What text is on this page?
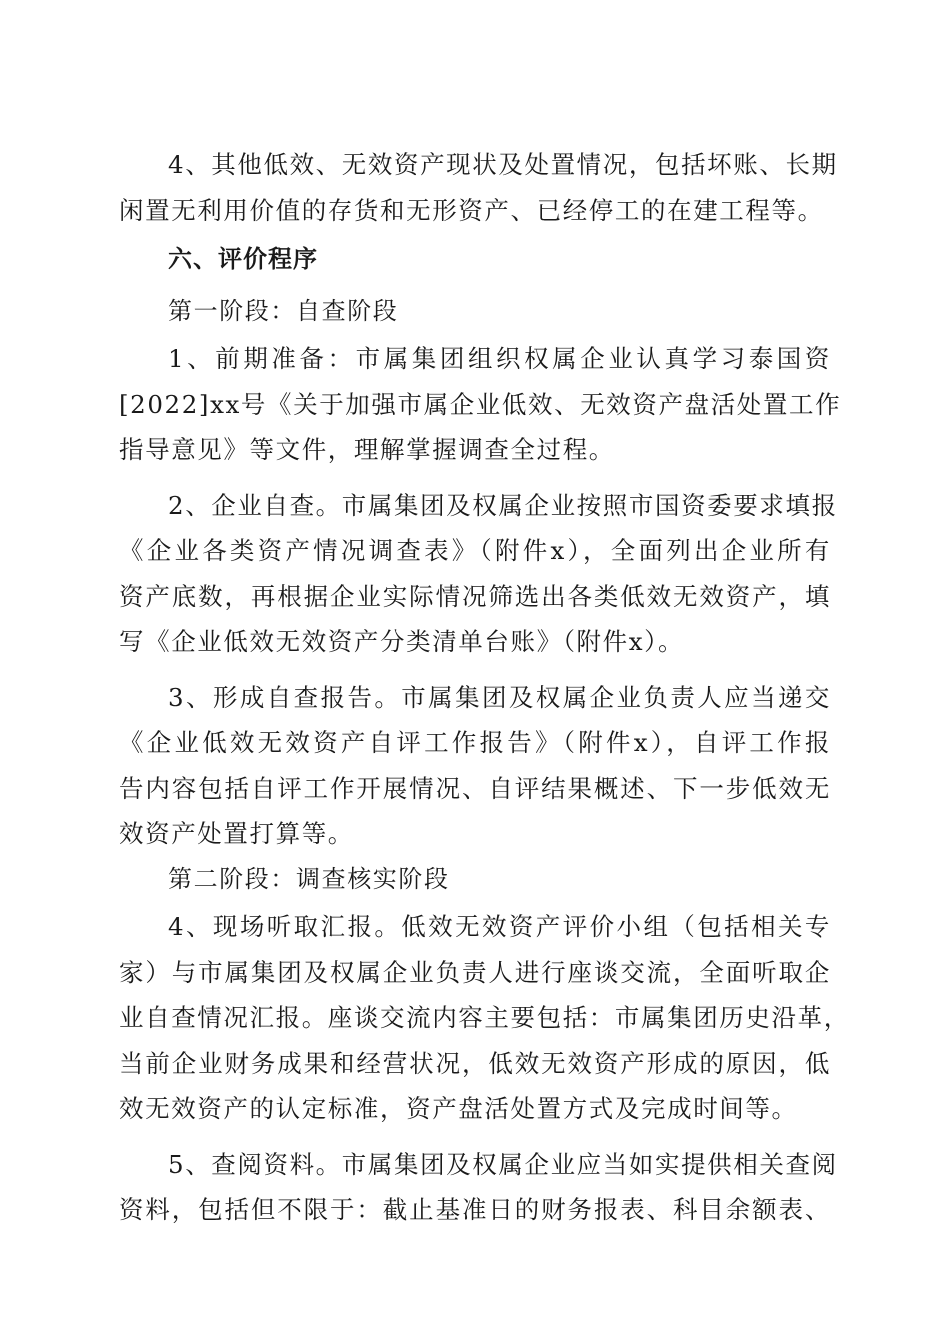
4、其他低效、无效资产现状及处置情况，包括坏账、长期
闲置无利用价值的存货和无形资产、已经停工的在建工程等。

六、评价程序

第一阶段：自查阶段

1、前期准备：市属集团组织权属企业认真学习泰国资
[2022]xx号《关于加强市属企业低效、无效资产盘活处置工作
指导意见》等文件，理解掌握调查全过程。

2、企业自查。市属集团及权属企业按照市国资委要求填报
《企业各类资产情况调查表》（附件x），全面列出企业所有
资产底数，再根据企业实际情况筛选出各类低效无效资产，填
写《企业低效无效资产分类清单台账》（附件x）。

3、形成自查报告。市属集团及权属企业负责人应当递交
《企业低效无效资产自评工作报告》（附件x），自评工作报
告内容包括自评工作开展情况、自评结果概述、下一步低效无
效资产处置打算等。

第二阶段：调查核实阶段

4、现场听取汇报。低效无效资产评价小组（包括相关专
家）与市属集团及权属企业负责人进行座谈交流，全面听取企
业自查情况汇报。座谈交流内容主要包括：市属集团历史沿革，
当前企业财务成果和经营状况，低效无效资产形成的原因，低
效无效资产的认定标准，资产盘活处置方式及完成时间等。

5、查阅资料。市属集团及权属企业应当如实提供相关查阅
资料，包括但不限于：截止基准日的财务报表、科目余额表、
